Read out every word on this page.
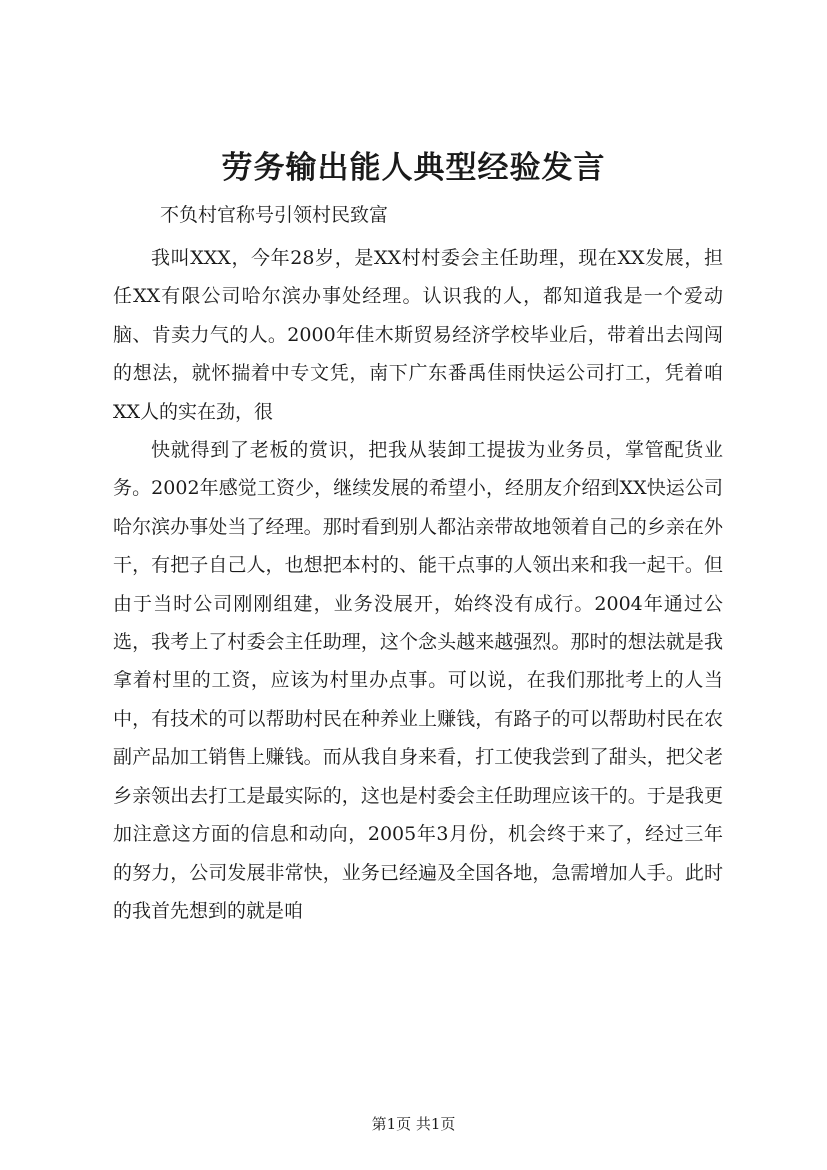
劳务输出能人典型经验发言

不负村官称号引领村民致富

我叫XXX，今年28岁，是XX村村委会主任助理，现在XX发展，担任XX有限公司哈尔滨办事处经理。认识我的人，都知道我是一个爱动脑、肯卖力气的人。2000年佳木斯贸易经济学校毕业后，带着出去闯闯的想法，就怀揣着中专文凭，南下广东番禹佳雨快运公司打工，凭着咱XX人的实在劲，很

快就得到了老板的赏识，把我从装卸工提拔为业务员，掌管配货业务。2002年感觉工资少，继续发展的希望小，经朋友介绍到XX快运公司哈尔滨办事处当了经理。那时看到别人都沾亲带故地领着自己的乡亲在外干，有把子自己人，也想把本村的、能干点事的人领出来和我一起干。但由于当时公司刚刚组建，业务没展开，始终没有成行。2004年通过公选，我考上了村委会主任助理，这个念头越来越强烈。那时的想法就是我拿着村里的工资，应该为村里办点事。可以说，在我们那批考上的人当中，有技术的可以帮助村民在种养业上赚钱，有路子的可以帮助村民在农副产品加工销售上赚钱。而从我自身来看，打工使我尝到了甜头，把父老乡亲领出去打工是最实际的，这也是村委会主任助理应该干的。于是我更加注意这方面的信息和动向，2005年3月份，机会终于来了，经过三年的努力，公司发展非常快，业务已经遍及全国各地，急需增加人手。此时的我首先想到的就是咱

第1页 共1页
